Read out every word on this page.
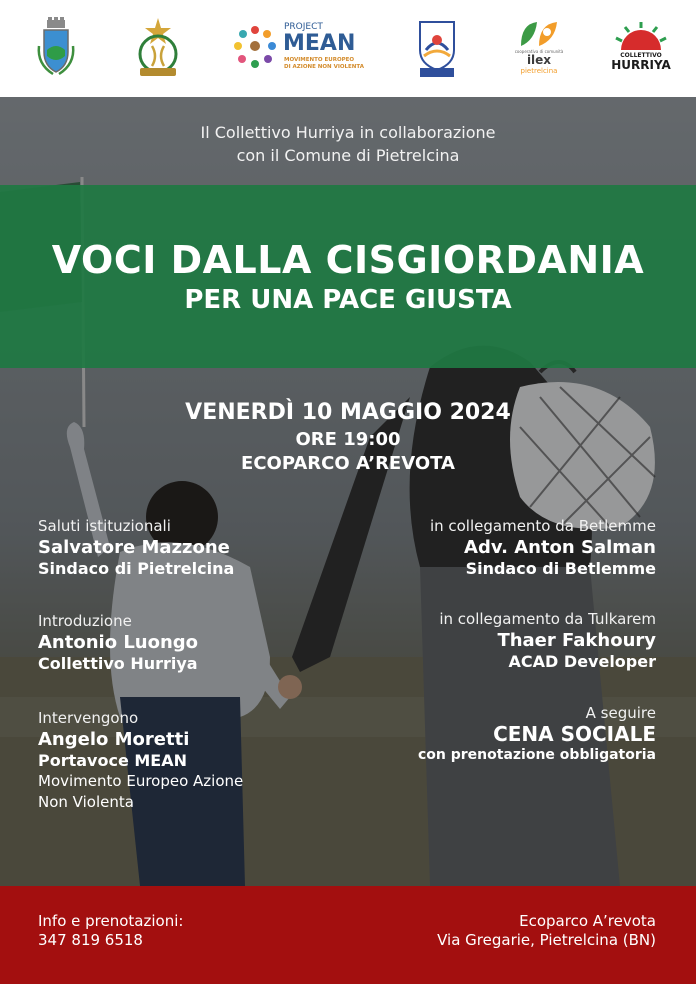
PROJECT
MEAN
MOVIMENTO EUROPEO
DI AZIONE NON VIOLENTA
cooperativa di comunità
ilex
pietrelcina
COLLETTIVO
HURRIYA
Il Collettivo Hurriya in collaborazione
con il Comune di Pietrelcina
VOCI DALLA CISGIORDANIA
PER UNA PACE GIUSTA
VENERDÌ 10 MAGGIO 2024
ORE 19:00
ECOPARCO A’REVOTA
Saluti istituzionali
Salvatore Mazzone
Sindaco di Pietrelcina
Introduzione
Antonio Luongo
Collettivo Hurriya
Intervengono
Angelo Moretti
Portavoce MEAN
Movimento Europeo Azione
Non Violenta
in collegamento da Betlemme
Adv. Anton Salman
Sindaco di Betlemme
in collegamento da Tulkarem
Thaer Fakhoury
ACAD Developer
A seguire
CENA SOCIALE
con prenotazione obbligatoria
Info e prenotazioni:
347 819 6518
Ecoparco A’revota
Via Gregarie, Pietrelcina (BN)
